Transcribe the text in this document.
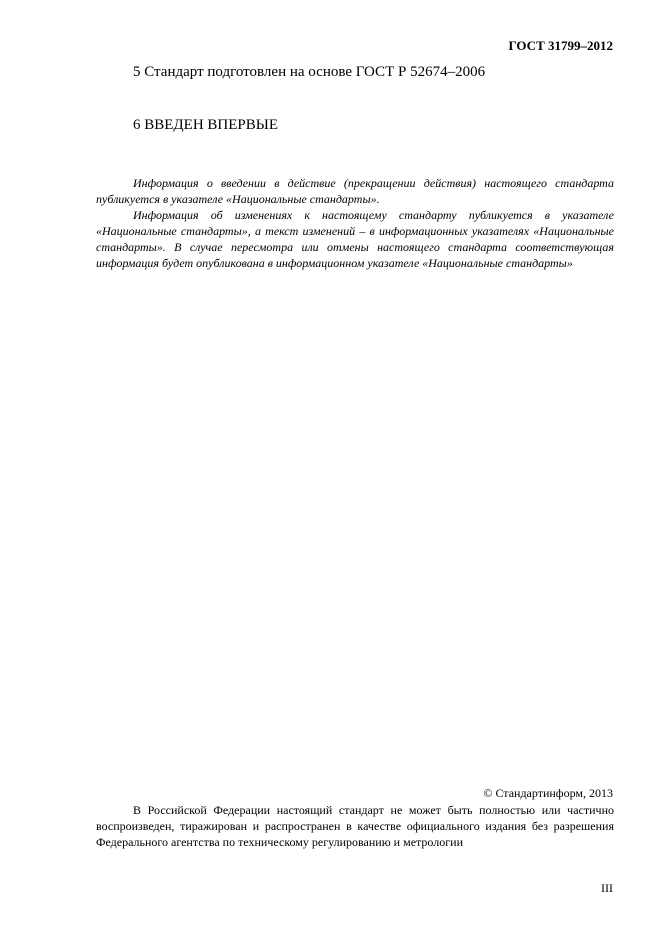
ГОСТ 31799–2012
5 Стандарт подготовлен на основе ГОСТ Р 52674–2006
6 ВВЕДЕН ВПЕРВЫЕ

Информация о введении в действие (прекращении действия) настоящего стандарта публикуется в указателе «Национальные стандарты».

Информация об изменениях к настоящему стандарту публикуется в указателе «Национальные стандарты», а текст изменений – в информационных указателях «Национальные стандарты». В случае пересмотра или отмены настоящего стандарта соответствующая информация будет опубликована в информационном указателе «Национальные стандарты»

© Стандартинформ, 2013

В Российской Федерации настоящий стандарт не может быть полностью или частично воспроизведен, тиражирован и распространен в качестве официального издания без разрешения Федерального агентства по техническому регулированию и метрологии

III
